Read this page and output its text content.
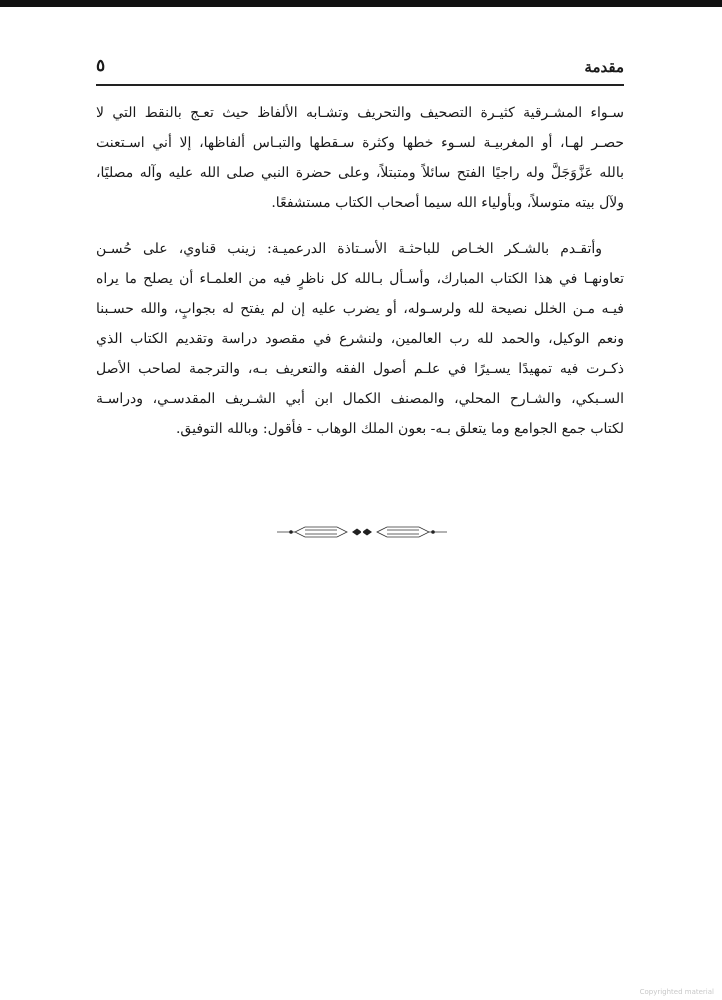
مقدمة
٥
سـواء المشـرقية كثيـرة التصحيف والتحريف وتشـابه الألفاظ حيث تعـج بالنقط التي لا
حصـر لهـا، أو المغربيـة لسـوء خطها وكثرة سـقطها والتبـاس ألفاظها، إلا أني اسـتعنت
بالله عَزَّوَجَلَّ وله راجيًا الفتح سائلاً ومتبتلاً، وعلى حضرة النبي صلى الله عليه وآله مصليًا،
ولآل بيته متوسلاً، وبأولياء الله سيما أصحاب الكتاب مستشفعًا.
وأتقـدم بالشـكر الخـاص للباحثـة الأسـتاذة الدرعميـة: زينب قناوي، على حُسـن
تعاونهـا في هذا الكتاب المبارك، وأسـأل بـالله كل ناظرٍ فيه من العلمـاء أن يصلح ما يراه
فيـه مـن الخلل نصيحة لله ولرسـوله، أو يضرب عليه إن لم يفتح له بجوابٍ، والله حسـبنا
ونعم الوكيل، والحمد لله رب العالمين، ولنشرع في مقصود دراسة وتقديم الكتاب الذي
ذكـرت فيه تمهيدًا يسـيرًا في علـم أصول الفقه والتعريف بـه، والترجمة لصاحب الأصل
السـبكي، والشـارح المحلي، والمصنف الكمال ابن أبي الشـريف المقدسـي، ودراسـة
لكتاب جمع الجوامع وما يتعلق بـه- بعون الملك الوهاب - فأقول: وبالله التوفيق.
Copyrighted material
